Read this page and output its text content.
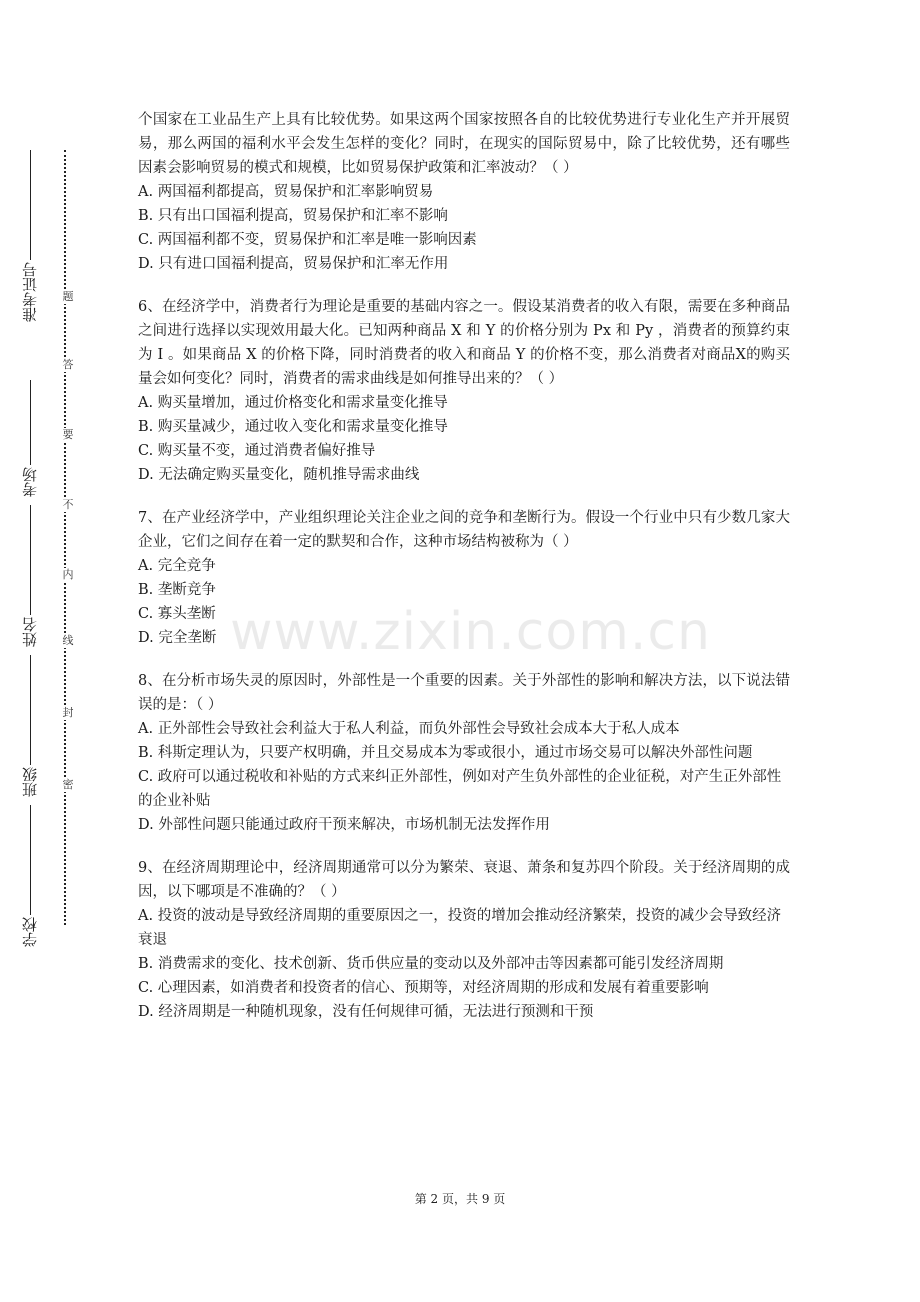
学校
班级
姓名
考场
准考证号
密
封
线
内
不
要
答
题
www.zixin.com.cn

个国家在工业品生产上具有比较优势。如果这两个国家按照各自的比较优势进行专业化生产并开展贸易，那么两国的福利水平会发生怎样的变化？同时，在现实的国际贸易中，除了比较优势，还有哪些因素会影响贸易的模式和规模，比如贸易保护政策和汇率波动？（ ）

A. 两国福利都提高，贸易保护和汇率影响贸易

B. 只有出口国福利提高，贸易保护和汇率不影响

C. 两国福利都不变，贸易保护和汇率是唯一影响因素

D. 只有进口国福利提高，贸易保护和汇率无作用

6、在经济学中，消费者行为理论是重要的基础内容之一。假设某消费者的收入有限，需要在多种商品之间进行选择以实现效用最大化。已知两种商品 X 和 Y 的价格分别为 Px 和 Py ，消费者的预算约束为 I 。如果商品 X 的价格下降，同时消费者的收入和商品 Y 的价格不变，那么消费者对商品X的购买量会如何变化？同时，消费者的需求曲线是如何推导出来的？（ ）

A. 购买量增加，通过价格变化和需求量变化推导

B. 购买量减少，通过收入变化和需求量变化推导

C. 购买量不变，通过消费者偏好推导

D. 无法确定购买量变化，随机推导需求曲线

7、在产业经济学中，产业组织理论关注企业之间的竞争和垄断行为。假设一个行业中只有少数几家大企业，它们之间存在着一定的默契和合作，这种市场结构被称为（ ）

A. 完全竞争

B. 垄断竞争

C. 寡头垄断

D. 完全垄断

8、在分析市场失灵的原因时，外部性是一个重要的因素。关于外部性的影响和解决方法，以下说法错误的是：（ ）

A. 正外部性会导致社会利益大于私人利益，而负外部性会导致社会成本大于私人成本

B. 科斯定理认为，只要产权明确，并且交易成本为零或很小，通过市场交易可以解决外部性问题

C. 政府可以通过税收和补贴的方式来纠正外部性，例如对产生负外部性的企业征税，对产生正外部性的企业补贴

D. 外部性问题只能通过政府干预来解决，市场机制无法发挥作用

9、在经济周期理论中，经济周期通常可以分为繁荣、衰退、萧条和复苏四个阶段。关于经济周期的成因，以下哪项是不准确的？（ ）

A. 投资的波动是导致经济周期的重要原因之一，投资的增加会推动经济繁荣，投资的减少会导致经济衰退

B. 消费需求的变化、技术创新、货币供应量的变动以及外部冲击等因素都可能引发经济周期

C. 心理因素，如消费者和投资者的信心、预期等，对经济周期的形成和发展有着重要影响

D. 经济周期是一种随机现象，没有任何规律可循，无法进行预测和干预

第 2 页，共 9 页
